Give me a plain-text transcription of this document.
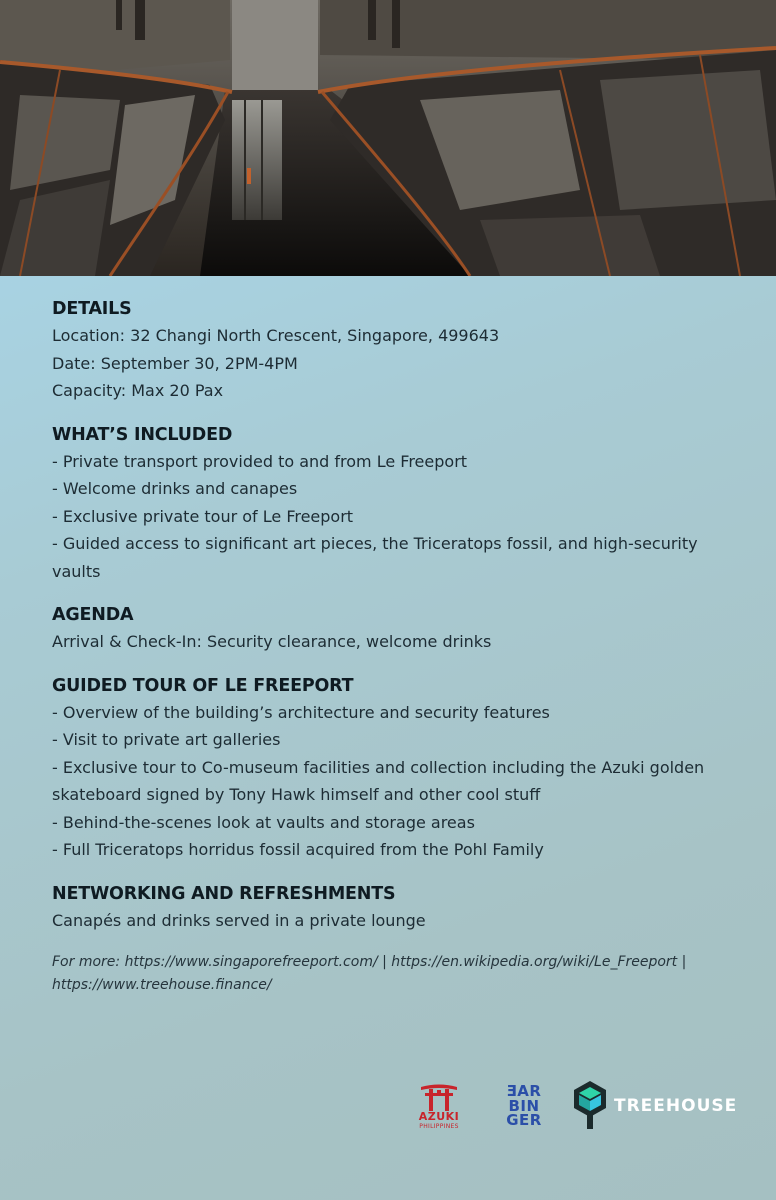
DETAILS
Location: 32 Changi North Crescent, Singapore, 499643
Date: September 30, 2PM-4PM
Capacity: Max 20 Pax
WHAT’S INCLUDED
- Private transport provided to and from Le Freeport
- Welcome drinks and canapes
- Exclusive private tour of Le Freeport
- Guided access to significant art pieces, the Triceratops fossil, and high-security vaults
AGENDA
Arrival & Check-In: Security clearance, welcome drinks
GUIDED TOUR OF LE FREEPORT
- Overview of the building’s architecture and security features
- Visit to private art galleries
- Exclusive tour to Co-museum facilities and collection including the Azuki golden skateboard signed by Tony Hawk himself and other cool stuff
- Behind-the-scenes look at vaults and storage areas
- Full Triceratops horridus fossil acquired from the Pohl Family
NETWORKING AND REFRESHMENTS
Canapés and drinks served in a private lounge
For more: https://www.singaporefreeport.com/ | https://en.wikipedia.org/wiki/Le_Freeport | https://www.treehouse.finance/
AZUKI
PHILIPPINES
ƎAR
BIN
GER
TREEHOUSE
